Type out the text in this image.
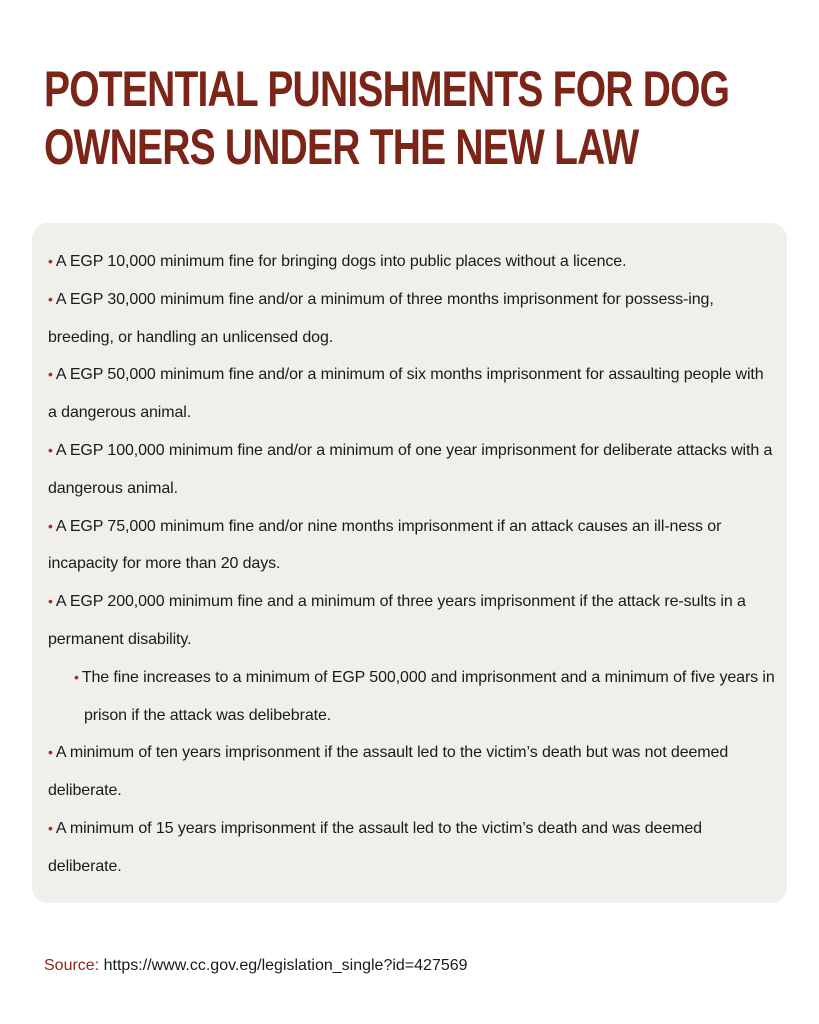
POTENTIAL PUNISHMENTS FOR DOG
OWNERS UNDER THE NEW LAW
• A EGP 10,000 minimum fine for bringing dogs into public places without a licence.
• A EGP 30,000 minimum fine and/or a minimum of three months imprisonment for possess-ing, breeding, or handling an unlicensed dog.
• A EGP 50,000 minimum fine and/or a minimum of six months imprisonment for assaulting people with a dangerous animal.
• A EGP 100,000 minimum fine and/or a minimum of one year imprisonment for deliberate attacks with a dangerous animal.
• A EGP 75,000 minimum fine and/or nine months imprisonment if an attack causes an ill-ness or incapacity for more than 20 days.
• A EGP 200,000 minimum fine and a minimum of three years imprisonment if the attack re-sults in a permanent disability.
• The fine increases to a minimum of EGP 500,000 and imprisonment and a minimum of five years in prison if the attack was delibebrate.
• A minimum of ten years imprisonment if the assault led to the victim’s death but was not deemed deliberate.
• A minimum of 15 years imprisonment if the assault led to the victim’s death and was deemed deliberate.
Source: https://www.cc.gov.eg/legislation_single?id=427569
